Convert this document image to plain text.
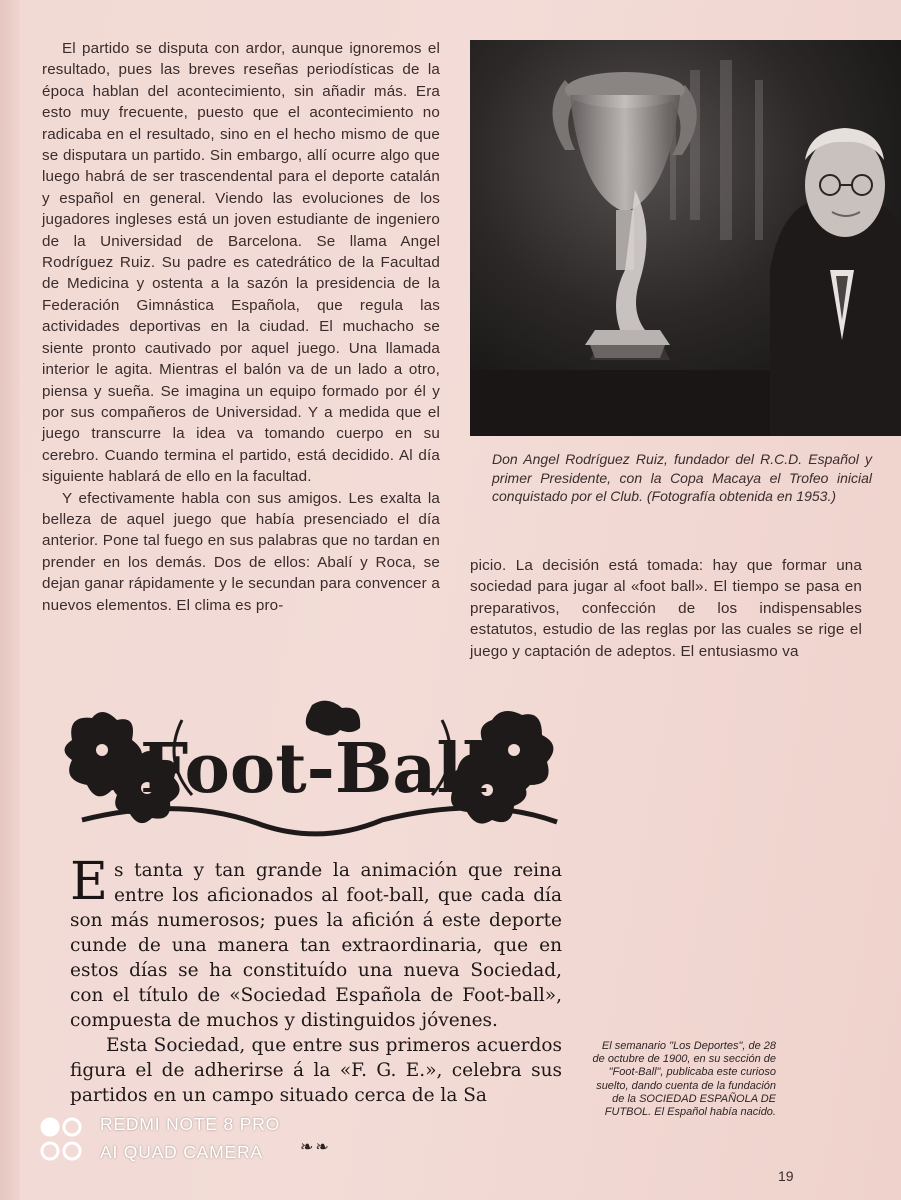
El partido se disputa con ardor, aunque ignoremos el resultado, pues las breves reseñas periodísticas de la época hablan del acontecimiento, sin añadir más. Era esto muy frecuente, puesto que el acontecimiento no radicaba en el resultado, sino en el hecho mismo de que se disputara un partido. Sin embargo, allí ocurre algo que luego habrá de ser trascendental para el deporte catalán y español en general. Viendo las evoluciones de los jugadores ingleses está un joven estudiante de ingeniero de la Universidad de Barcelona. Se llama Angel Rodríguez Ruiz. Su padre es catedrático de la Facultad de Medicina y ostenta a la sazón la presidencia de la Federación Gimnástica Española, que regula las actividades deportivas en la ciudad. El muchacho se siente pronto cautivado por aquel juego. Una llamada interior le agita. Mientras el balón va de un lado a otro, piensa y sueña. Se imagina un equipo formado por él y por sus compañeros de Universidad. Y a medida que el juego transcurre la idea va tomando cuerpo en su cerebro. Cuando termina el partido, está decidido. Al día siguiente hablará de ello en la facultad.

Y efectivamente habla con sus amigos. Les exalta la belleza de aquel juego que había presenciado el día anterior. Pone tal fuego en sus palabras que no tardan en prender en los demás. Dos de ellos: Abalí y Roca, se dejan ganar rápidamente y le secundan para convencer a nuevos elementos. El clima es pro-

Don Angel Rodríguez Ruiz, fundador del R.C.D. Español y primer Presidente, con la Copa Macaya el Trofeo inicial conquistado por el Club. (Fotografía obtenida en 1953.)

picio. La decisión está tomada: hay que formar una sociedad para jugar al «foot ball». El tiempo se pasa en preparativos, confección de los indispensables estatutos, estudio de las reglas por las cuales se rige el juego y captación de adeptos. El entusiasmo va

Foot-Ball

Es tanta y tan grande la animación que reina entre los aficionados al foot-ball, que cada día son más numerosos; pues la afición á este deporte cunde de una manera tan extraordinaria, que en estos días se ha constituído una nueva Sociedad, con el título de «Sociedad Española de Foot-ball», compuesta de muchos y distinguidos jóvenes.

Esta Sociedad, que entre sus primeros acuerdos figura el de adherirse á la «F. G. E.», celebra sus partidos en un campo situado cerca de la Sa

❧❧

El semanario "Los Deportes", de 28 de octubre de 1900, en su sección de "Foot-Ball", publicaba este curioso suelto, dando cuenta de la fundación de la SOCIEDAD ESPAÑOLA DE FUTBOL. El Español había nacido.

19
REDMI NOTE 8 PRO
AI QUAD CAMERA
